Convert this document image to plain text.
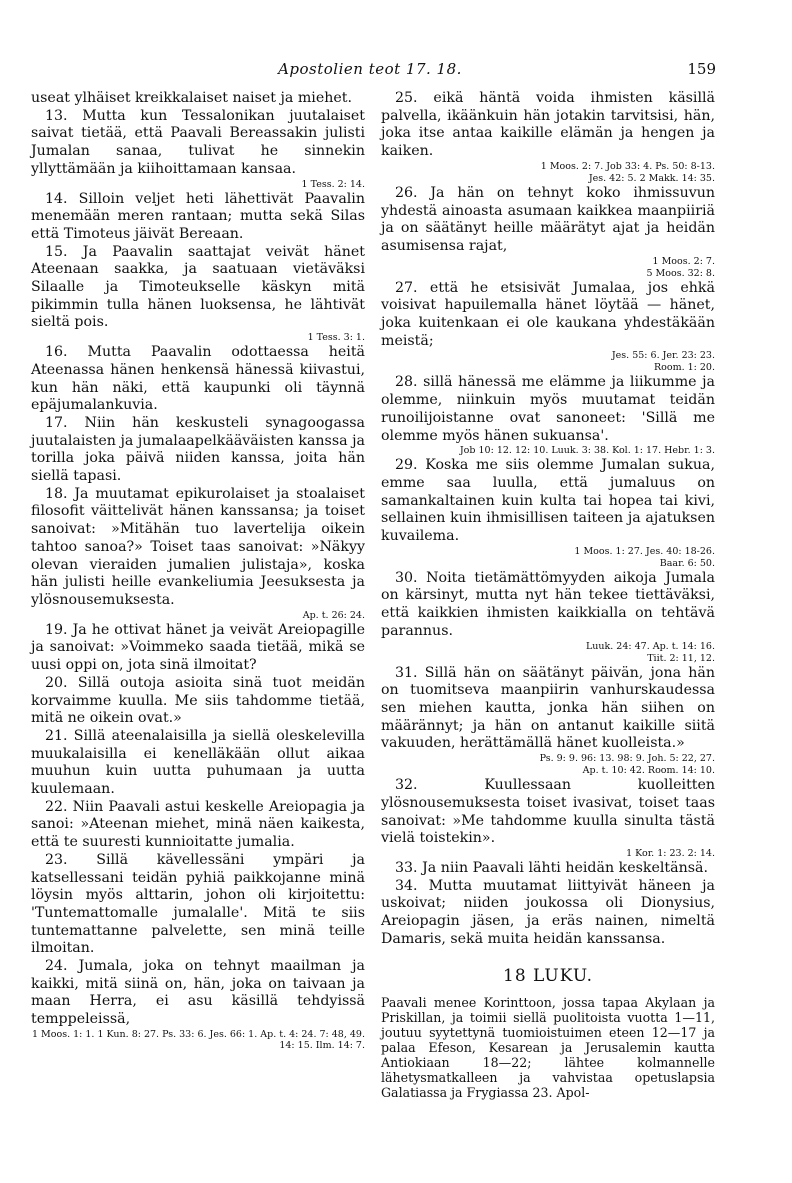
Apostolien teot 17. 18.	159

useat ylhäiset kreikkalaiset naiset ja miehet.

13. Mutta kun Tessalonikan juutalaiset saivat tietää, että Paavali Bereassakin julisti Jumalan sanaa, tulivat he sinnekin yllyttämään ja kiihoittamaan kansaa.

1 Tess. 2: 14.

14. Silloin veljet heti lähettivät Paavalin menemään meren rantaan; mutta sekä Silas että Timoteus jäivät Bereaan.

15. Ja Paavalin saattajat veivät hänet Ateenaan saakka, ja saatuaan vietäväksi Silaalle ja Timoteukselle käskyn mitä pikimmin tulla hänen luoksensa, he lähtivät sieltä pois.

1 Tess. 3: 1.

16. Mutta Paavalin odottaessa heitä Ateenassa hänen henkensä hänessä kiivastui, kun hän näki, että kaupunki oli täynnä epäjumalankuvia.

17. Niin hän keskusteli synagoogassa juutalaisten ja jumalaapelkääväisten kanssa ja torilla joka päivä niiden kanssa, joita hän siellä tapasi.

18. Ja muutamat epikurolaiset ja stoalaiset filosofit väittelivät hänen kanssansa; ja toiset sanoivat: »Mitähän tuo laverteliја oikein tahtoo sanoa?» Toiset taas sanoivat: »Näkyy olevan vieraiden jumalien julistaja», koska hän julisti heille evankeliumia Jeesuksesta ja ylösnousemuksesta.

Ap. t. 26: 24.

19. Ja he ottivat hänet ja veivät Areiopagille ja sanoivat: »Voimmeko saada tietää, mikä se uusi oppi on, jota sinä ilmoitat?

20. Sillä outoja asioita sinä tuot meidän korvaimme kuulla. Me siis tahdomme tietää, mitä ne oikein ovat.»

21. Sillä ateenalaisilla ja siellä oleskelevilla muukalaisilla ei kenelläkään ollut aikaa muuhun kuin uutta puhumaan ja uutta kuulemaan.

22. Niin Paavali astui keskelle Areiopagia ja sanoi: »Ateenan miehet, minä näen kaikesta, että te suuresti kunnioitatte jumalia.

23. Sillä kävellessäni ympäri ja katsellessani teidän pyhiä paikkojanne minä löysin myös alttarin, johon oli kirjoitettu: 'Tuntemattomalle jumalalle'. Mitä te siis tuntemattanne palvelette, sen minä teille ilmoitan.

24. Jumala, joka on tehnyt maailman ja kaikki, mitä siinä on, hän, joka on taivaan ja maan Herra, ei asu käsillä tehdyissä temppeleissä,

1 Moos. 1: 1. 1 Kun. 8: 27. Ps. 33: 6. Jes. 66: 1. Ap. t. 4: 24. 7: 48, 49. 14: 15. Ilm. 14: 7.

25. eikä häntä voida ihmisten käsillä palvella, ikäänkuin hän jotakin tarvitsisi, hän, joka itse antaa kaikille elämän ja hengen ja kaiken.

1 Moos. 2: 7. Job 33: 4. Ps. 50: 8-13.
Jes. 42: 5. 2 Makk. 14: 35.

26. Ja hän on tehnyt koko ihmissuvun yhdestä ainoasta asumaan kaikkea maanpiiriä ja on säätänyt heille määrätyt ajat ja heidän asumisensa rajat,

1 Moos. 2: 7.
5 Moos. 32: 8.

27. että he etsisivät Jumalaa, jos ehkä voisivat hapuilemalla hänet löytää — hänet, joka kuitenkaan ei ole kaukana yhdestäkään meistä;

Jes. 55: 6. Jer. 23: 23.
Room. 1: 20.

28. sillä hänessä me elämme ja liikumme ja olemme, niinkuin myös muutamat teidän runoilijoistanne ovat sanoneet: 'Sillä me olemme myös hänen sukuansa'.

Job 10: 12. 12: 10. Luuk. 3: 38. Kol. 1: 17. Hebr. 1: 3.

29. Koska me siis olemme Jumalan sukua, emme saa luulla, että jumaluus on samankaltainen kuin kulta tai hopea tai kivi, sellainen kuin ihmisillisen taiteen ja ajatuksen kuvailema.

1 Moos. 1: 27. Jes. 40: 18-26.
Baar. 6: 50.

30. Noita tietämättömyyden aikoja Jumala on kärsinyt, mutta nyt hän tekee tiettäväksi, että kaikkien ihmisten kaikkialla on tehtävä parannus.

Luuk. 24: 47. Ap. t. 14: 16.
Tiit. 2: 11, 12.

31. Sillä hän on säätänyt päivän, jona hän on tuomitseva maanpiirin vanhurskaudessa sen miehen kautta, jonka hän siihen on määrännyt; ja hän on antanut kaikille siitä vakuuden, herättämällä hänet kuolleista.»

Ps. 9: 9. 96: 13. 98: 9. Joh. 5: 22, 27.
Ap. t. 10: 42. Room. 14: 10.

32. Kuullessaan kuolleitten ylösnousemuksesta toiset ivasivat, toiset taas sanoivat: »Me tahdomme kuulla sinulta tästä vielä toistekin».

1 Kor. 1: 23. 2: 14.

33. Ja niin Paavali lähti heidän keskeltänsä.

34. Mutta muutamat liittyivät häneen ja uskoivat; niiden joukossa oli Dionysius, Areiopagin jäsen, ja eräs nainen, nimeltä Damaris, sekä muita heidän kanssansa.

18 LUKU.
Paavali menee Korinttoon, jossa tapaa Akylaan ja Priskillan, ja toimii siellä puolitoista vuotta 1—11, joutuu syytettynä tuomioistuimen eteen 12—17 ja palaa Efeson, Kesarean ja Jerusalemin kautta Antiokiaan 18—22; lähtee kolmannelle lähetysmatkalleen ja vahvistaa opetuslapsia Galatiassa ja Frygiassa 23. Apol-
